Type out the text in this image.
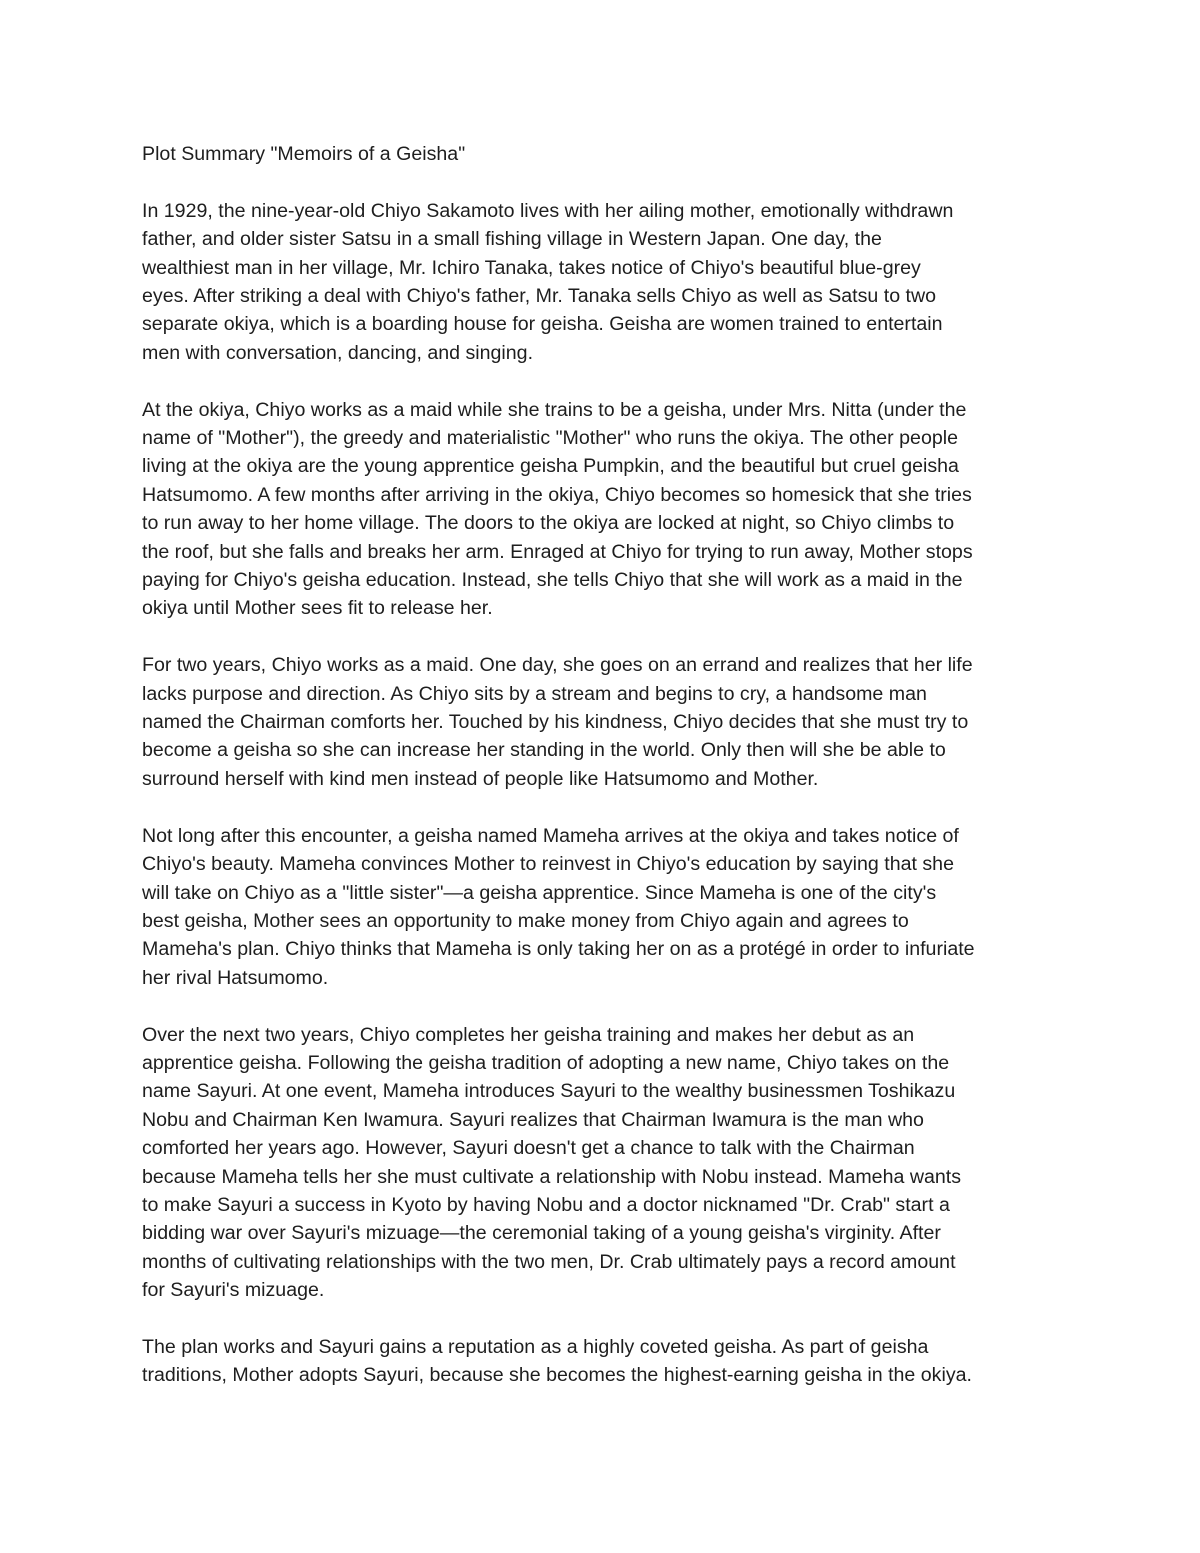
Plot Summary "Memoirs of a Geisha"
In 1929, the nine-year-old Chiyo Sakamoto lives with her ailing mother, emotionally withdrawn
father, and older sister Satsu in a small fishing village in Western Japan. One day, the
wealthiest man in her village, Mr. Ichiro Tanaka, takes notice of Chiyo's beautiful blue-grey
eyes. After striking a deal with Chiyo's father, Mr. Tanaka sells Chiyo as well as Satsu to two
separate okiya, which is a boarding house for geisha. Geisha are women trained to entertain
men with conversation, dancing, and singing.
At the okiya, Chiyo works as a maid while she trains to be a geisha, under Mrs. Nitta (under the
name of "Mother"), the greedy and materialistic "Mother" who runs the okiya. The other people
living at the okiya are the young apprentice geisha Pumpkin, and the beautiful but cruel geisha
Hatsumomo. A few months after arriving in the okiya, Chiyo becomes so homesick that she tries
to run away to her home village. The doors to the okiya are locked at night, so Chiyo climbs to
the roof, but she falls and breaks her arm. Enraged at Chiyo for trying to run away, Mother stops
paying for Chiyo's geisha education. Instead, she tells Chiyo that she will work as a maid in the
okiya until Mother sees fit to release her.
For two years, Chiyo works as a maid. One day, she goes on an errand and realizes that her life
lacks purpose and direction. As Chiyo sits by a stream and begins to cry, a handsome man
named the Chairman comforts her. Touched by his kindness, Chiyo decides that she must try to
become a geisha so she can increase her standing in the world. Only then will she be able to
surround herself with kind men instead of people like Hatsumomo and Mother.
Not long after this encounter, a geisha named Mameha arrives at the okiya and takes notice of
Chiyo's beauty. Mameha convinces Mother to reinvest in Chiyo's education by saying that she
will take on Chiyo as a "little sister"—a geisha apprentice. Since Mameha is one of the city's
best geisha, Mother sees an opportunity to make money from Chiyo again and agrees to
Mameha's plan. Chiyo thinks that Mameha is only taking her on as a protégé in order to infuriate
her rival Hatsumomo.
Over the next two years, Chiyo completes her geisha training and makes her debut as an
apprentice geisha. Following the geisha tradition of adopting a new name, Chiyo takes on the
name Sayuri. At one event, Mameha introduces Sayuri to the wealthy businessmen Toshikazu
Nobu and Chairman Ken Iwamura. Sayuri realizes that Chairman Iwamura is the man who
comforted her years ago. However, Sayuri doesn't get a chance to talk with the Chairman
because Mameha tells her she must cultivate a relationship with Nobu instead. Mameha wants
to make Sayuri a success in Kyoto by having Nobu and a doctor nicknamed "Dr. Crab" start a
bidding war over Sayuri's mizuage—the ceremonial taking of a young geisha's virginity. After
months of cultivating relationships with the two men, Dr. Crab ultimately pays a record amount
for Sayuri's mizuage.
The plan works and Sayuri gains a reputation as a highly coveted geisha. As part of geisha
traditions, Mother adopts Sayuri, because she becomes the highest-earning geisha in the okiya.
